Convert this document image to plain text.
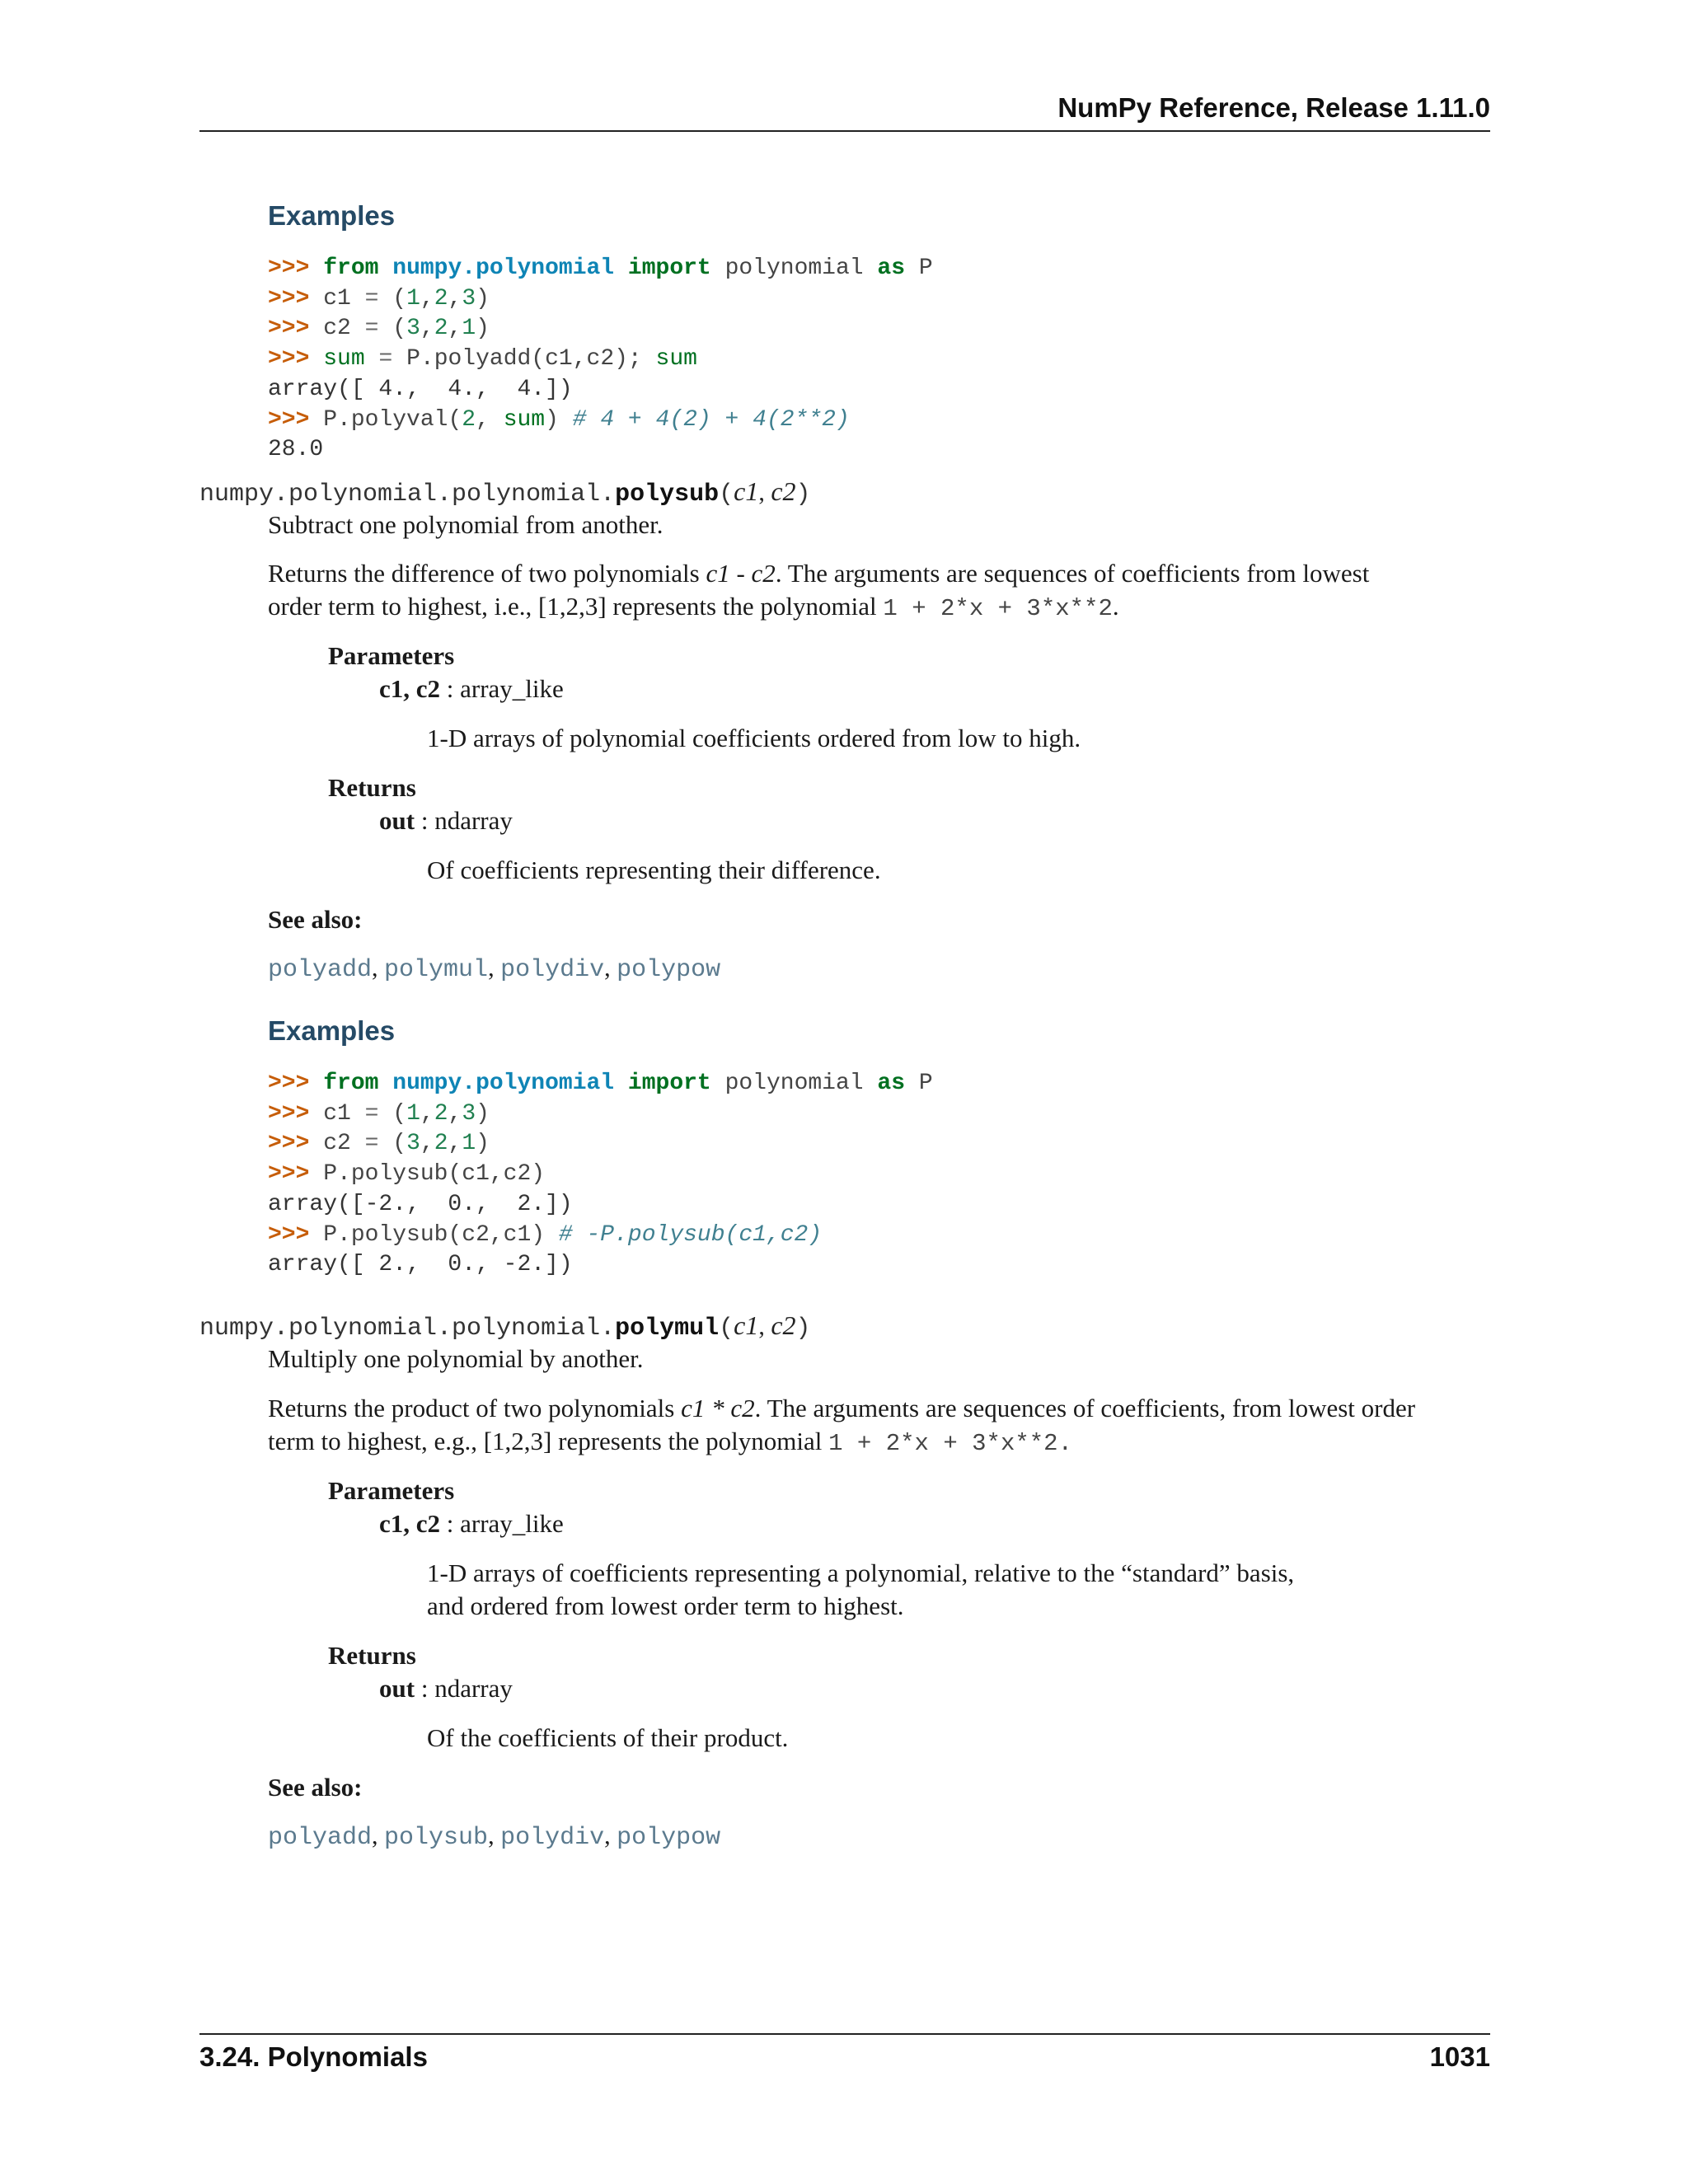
NumPy Reference, Release 1.11.0
Examples
>>> from numpy.polynomial import polynomial as P
>>> c1 = (1,2,3)
>>> c2 = (3,2,1)
>>> sum = P.polyadd(c1,c2); sum
array([ 4.,  4.,  4.])
>>> P.polyval(2, sum) # 4 + 4(2) + 4(2**2)
28.0
numpy.polynomial.polynomial.polysub(c1, c2)
Subtract one polynomial from another.
Returns the difference of two polynomials c1 - c2. The arguments are sequences of coefficients from lowest
order term to highest, i.e., [1,2,3] represents the polynomial 1 + 2*x + 3*x**2.
Parameters
c1, c2 : array_like
1-D arrays of polynomial coefficients ordered from low to high.
Returns
out : ndarray
Of coefficients representing their difference.
See also:
polyadd, polymul, polydiv, polypow
Examples
>>> from numpy.polynomial import polynomial as P
>>> c1 = (1,2,3)
>>> c2 = (3,2,1)
>>> P.polysub(c1,c2)
array([-2.,  0.,  2.])
>>> P.polysub(c2,c1) # -P.polysub(c1,c2)
array([ 2.,  0., -2.])
numpy.polynomial.polynomial.polymul(c1, c2)
Multiply one polynomial by another.
Returns the product of two polynomials c1 * c2. The arguments are sequences of coefficients, from lowest order
term to highest, e.g., [1,2,3] represents the polynomial 1 + 2*x + 3*x**2.
Parameters
c1, c2 : array_like
1-D arrays of coefficients representing a polynomial, relative to the “standard” basis,
and ordered from lowest order term to highest.
Returns
out : ndarray
Of the coefficients of their product.
See also:
polyadd, polysub, polydiv, polypow
3.24. Polynomials	1031
